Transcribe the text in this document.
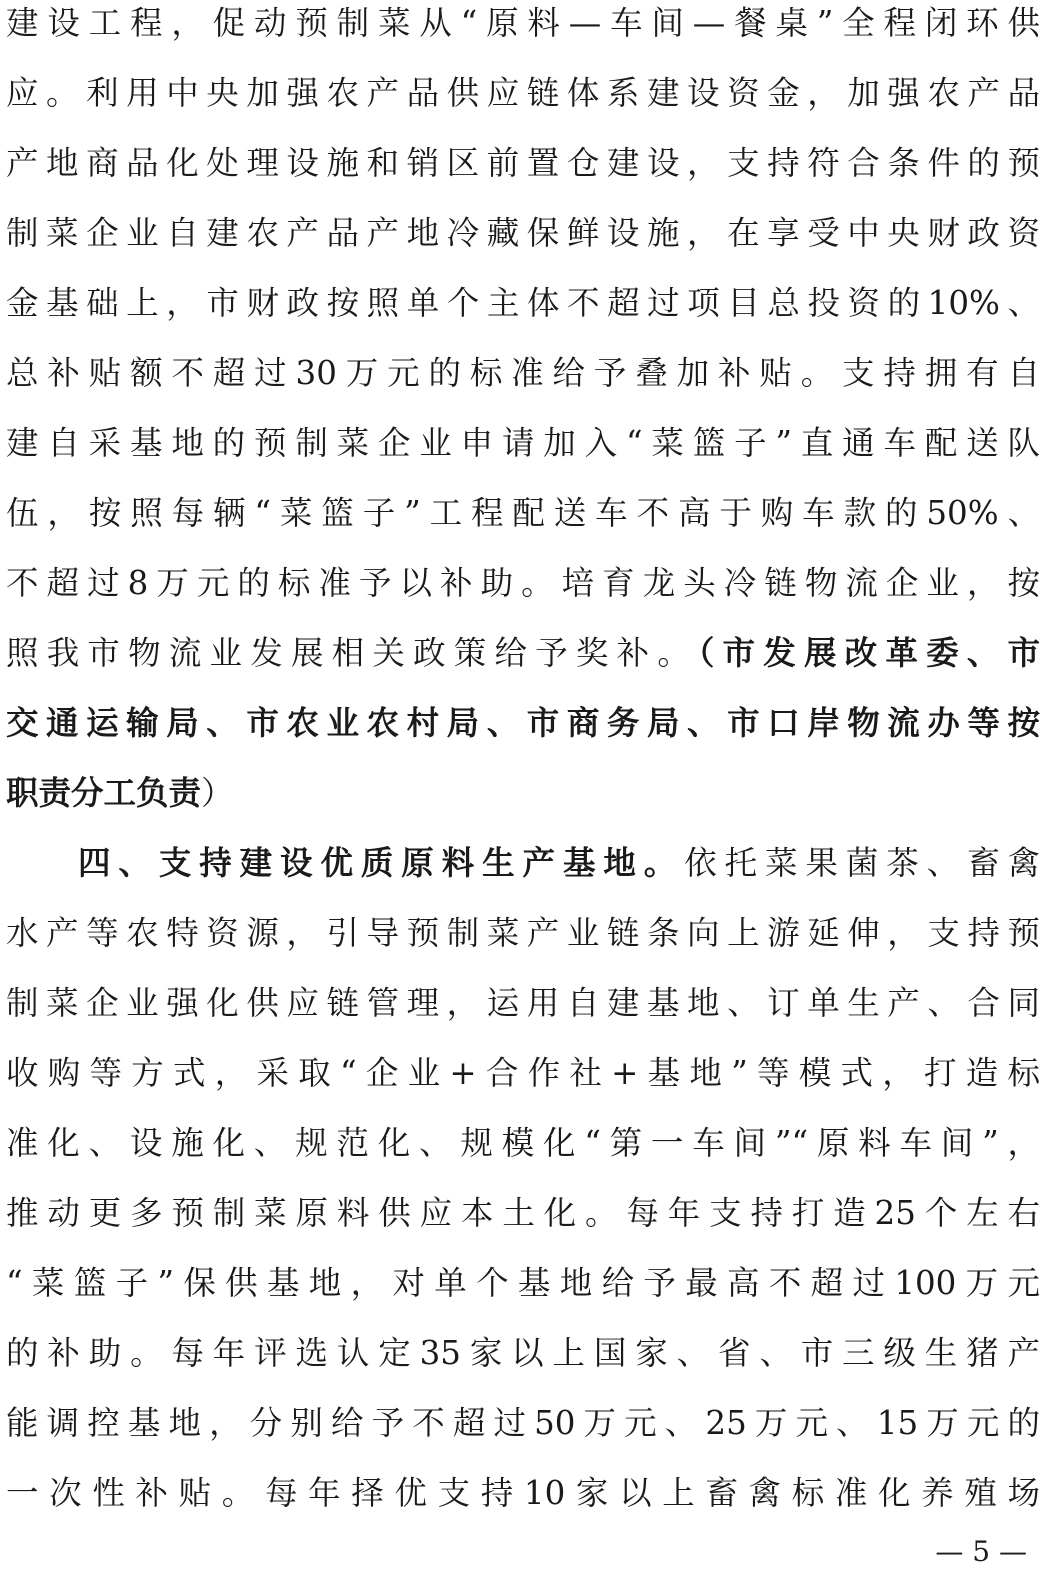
建设工程，促动预制菜从“原料—车间—餐桌”全程闭环供
应。利用中央加强农产品供应链体系建设资金，加强农产品
产地商品化处理设施和销区前置仓建设，支持符合条件的预
制菜企业自建农产品产地冷藏保鲜设施，在享受中央财政资
金基础上，市财政按照单个主体不超过项目总投资的10%、
总补贴额不超过30万元的标准给予叠加补贴。支持拥有自
建自采基地的预制菜企业申请加入“菜篮子”直通车配送队
伍，按照每辆“菜篮子”工程配送车不高于购车款的50%、
不超过8万元的标准予以补助。培育龙头冷链物流企业，按
照我市物流业发展相关政策给予奖补。（市发展改革委、市
交通运输局、市农业农村局、市商务局、市口岸物流办等按
职责分工负责）
四、支持建设优质原料生产基地。依托菜果菌茶、畜禽
水产等农特资源，引导预制菜产业链条向上游延伸，支持预
制菜企业强化供应链管理，运用自建基地、订单生产、合同
收购等方式，采取“企业+合作社+基地”等模式，打造标
准化、设施化、规范化、规模化“第一车间”“原料车间”，
推动更多预制菜原料供应本土化。每年支持打造25个左右
“菜篮子”保供基地，对单个基地给予最高不超过100万元
的补助。每年评选认定35家以上国家、省、市三级生猪产
能调控基地，分别给予不超过50万元、25万元、15万元的
一次性补贴。每年择优支持10家以上畜禽标准化养殖场
— 5 —
